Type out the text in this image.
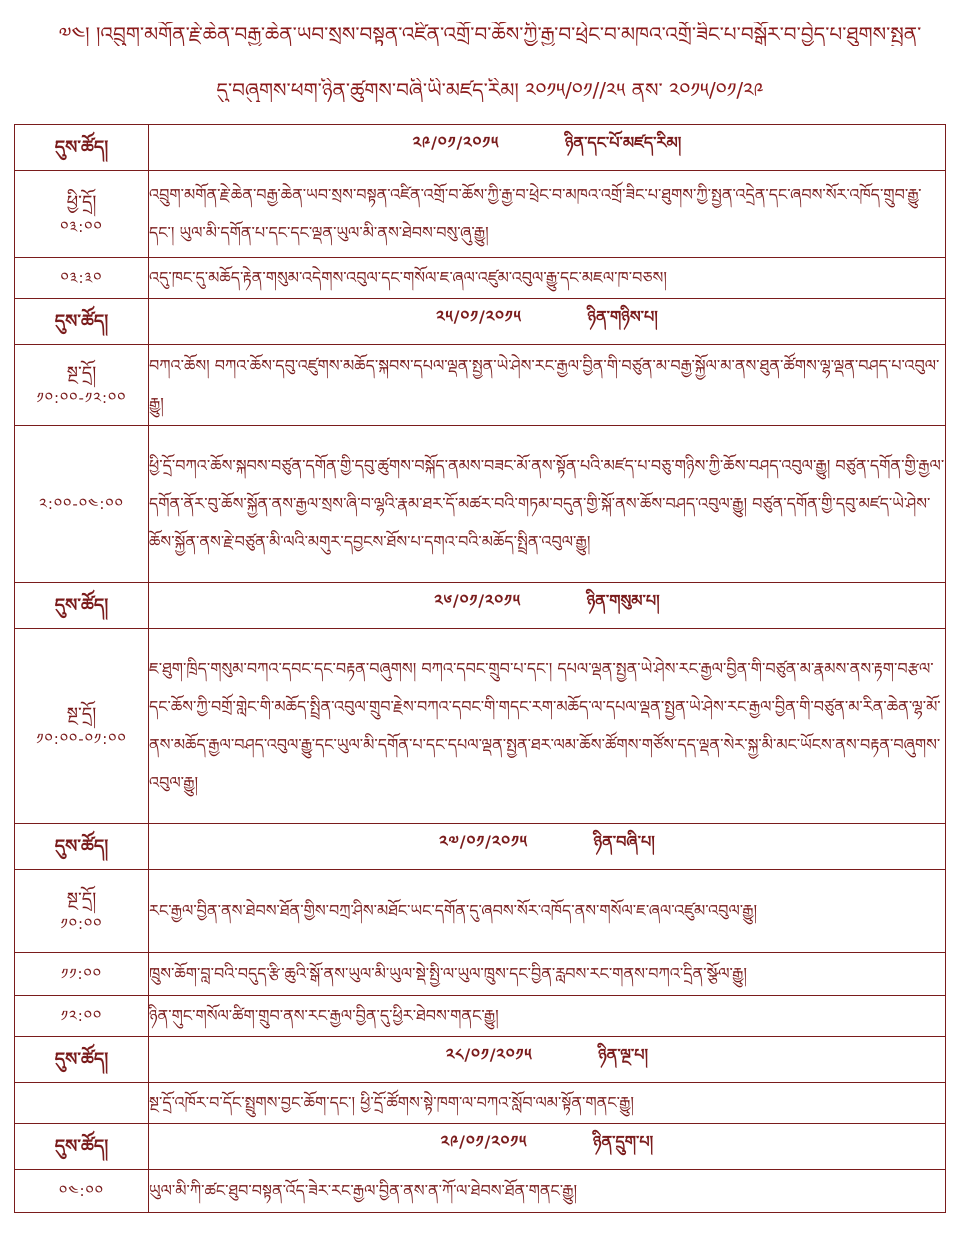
༧༤། །འབྲུག་མགོན་རྗེ་ཆེན་བརྒྱ་ཆེན་ཡབ་སྲས་བསྟན་འཛིན་འགྲོ་བ་ཆོས་ཀྱི་རྒྱ་བ་ཕྲེང་བ་མཁའ་འགྲོ་ཟིང་པ་བསྒོར་བ་བྱེད་པ་ཐུགས་སྤྱན་
དུ་བཞུགས་ཕག་ཉིན་ཚུགས་བཞི་ཡི་མཛད་རིམ། ༢༠༡༥/༠༡//༢༥ ནས་ ༢༠༡༥/༠༡/༢༩
དུས་ཚོད།	༢༩/༠༡/༢༠༡༥ ཉིན་དང་པོ་མཛད་རིམ།

ཕྱི་དྲོ།
༠༣:༠༠	འབྲུག་མགོན་རྗེ་ཆེན་བརྒྱ་ཆེན་ཡབ་སྲས་བསྟན་འཛིན་འགྲོ་བ་ཆོས་ཀྱི་རྒྱ་བ་ཕྲེང་བ་མཁའ་འགྲོ་ཟིང་པ་ཐུགས་ཀྱི་སྤྱན་འདྲེན་དང་ཞབས་སོར་འཁོད་གྲུབ་རྒྱུ་དང་། ཡུལ་མི་དགོན་པ་དང་དང་ལྡན་ཡུལ་མི་ནས་ཐེབས་བསུ་ཞུ་རྒྱུ།

༠༣:༣༠	འདུ་ཁང་དུ་མཆོད་རྟེན་གསུམ་འདེགས་འབུལ་དང་གསོལ་ཇ་ཞལ་འཛུམ་འབུལ་རྒྱུ་དང་མཇལ་ཁ་བཅས།
དུས་ཚོད།	༢༥/༠༡/༢༠༡༥ ཉིན་གཉིས་པ།

སྔ་དྲོ།
༡༠:༠༠-༡༢:༠༠	བཀའ་ཆོས། བཀའ་ཆོས་དབུ་འཛུགས་མཆོད་སྐབས་དཔལ་ལྡན་སྤྱན་ཡེ་ཤེས་རང་རྒྱལ་བྱིན་གི་བཙུན་མ་བརྒྱ་སྐྱོལ་མ་ནས་ཐུན་ཚོགས་ལྷ་ལྡན་བཤད་པ་འབུལ་རྒྱུ།

༢:༠༠-༠༤:༠༠	ཕྱི་དྲོ་བཀའ་ཆོས་སྐབས་བཙུན་དགོན་གྱི་དབུ་ཚུགས་བསྐོད་ནམས་བཟང་མོ་ནས་སྟོན་པའི་མཛད་པ་བཅུ་གཉིས་ཀྱི་ཆོས་བཤད་འབུལ་རྒྱུ། བཙུན་དགོན་གྱི་རྒྱལ་དགོན་ནོར་བུ་ཆོས་སྐྱོན་ནས་རྒྱལ་སྲས་ཞི་བ་ལྷའི་རྣམ་ཐར་དོ་མཚར་བའི་གཏམ་བདུན་གྱི་སྐོ་ནས་ཆོས་བཤད་འབུལ་རྒྱུ། བཙུན་དགོན་གྱི་དབུ་མཛད་ཡེ་ཤེས་ཆོས་སྐྱོན་ནས་རྗེ་བཙུན་མི་ལའི་མགུར་དབྱངས་ཐོས་པ་དགའ་བའི་མཆོད་སྤྲིན་འབུལ་རྒྱུ།
དུས་ཚོད།	༢༦/༠༡/༢༠༡༥ ཉིན་གསུམ་པ།

སྔ་དྲོ།
༡༠:༠༠-༠༡:༠༠	ཇ་ཐུག་ཁྲིད་གསུམ་བཀའ་དབང་དང་བརྟན་བཞུགས། བཀའ་དབང་གྲུབ་པ་དང་། དཔལ་ལྡན་སྤྱན་ཡེ་ཤེས་རང་རྒྱལ་བྱིན་གི་བཙུན་མ་རྣམས་ནས་རྟག་བརྩལ་དང་ཆོས་ཀྱི་བགྲོ་གླེང་གི་མཆོད་སྤྲིན་འབུལ་གྲུབ་རྗེས་བཀའ་དབང་གི་གདང་རག་མཆོད་ལ་དཔལ་ལྡན་སྤྱན་ཡེ་ཤེས་རང་རྒྱལ་བྱིན་གི་བཙུན་མ་རིན་ཆེན་ལྷ་མོ་ནས་མཆོད་རྒྱལ་བཤད་འབུལ་རྒྱུ་དང་ཡུལ་མི་དགོན་པ་དང་དཔལ་ལྡན་སྤྱན་ཐར་ལམ་ཆོས་ཚོགས་གཙོས་དད་ལྡན་སེར་སྐྱ་མི་མང་ཡོངས་ནས་བརྟན་བཞུགས་འབུལ་རྒྱུ།
དུས་ཚོད།	༢༧/༠༡/༢༠༡༥ ཉིན་བཞི་པ།

སྔ་དྲོ།
༡༠:༠༠	རང་རྒྱལ་བྱིན་ནས་ཐེབས་ཐོན་གྱིས་བཀྲ་ཤིས་མཐོང་ཡང་དགོན་དུ་ཞབས་སོར་འཁོད་ནས་གསོལ་ཇ་ཞལ་འཛུམ་འབུལ་རྒྱུ།

༡༡:༠༠	ཁྲུས་ཆོག་བླ་བའི་བདུད་རྩི་ཆུའི་སྒོ་ནས་ཡུལ་མི་ཡུལ་སྡེ་སྤྱི་ལ་ཡུལ་ཁྲུས་དང་བྱིན་རླབས་རང་གནས་བཀའ་དྲིན་སྩོལ་རྒྱུ།

༡༢:༠༠	ཉིན་གུང་གསོལ་ཚིག་གྲུབ་ནས་རང་རྒྱལ་བྱིན་དུ་ཕྱིར་ཐེབས་གནང་རྒྱུ།
དུས་ཚོད།	༢༨/༠༡/༢༠༡༥ ཉིན་ལྔ་པ།
	སྔ་དྲོ་འཁོར་བ་དོང་སྤྲུགས་བྱང་ཆོག་དང་། ཕྱི་དྲོ་ཚོགས་སྟེ་ཁག་ལ་བཀའ་སློབ་ལམ་སྟོན་གནང་རྒྱུ།
དུས་ཚོད།	༢༩/༠༡/༢༠༡༥ ཉིན་དྲུག་པ།

༠༤:༠༠	ཡུལ་མི་ཀི་ཚང་ཐུབ་བསྟན་འོད་ཟེར་རང་རྒྱལ་བྱིན་ནས་ན་ཀོ་ལ་ཐེབས་ཐོན་གནང་རྒྱུ།
